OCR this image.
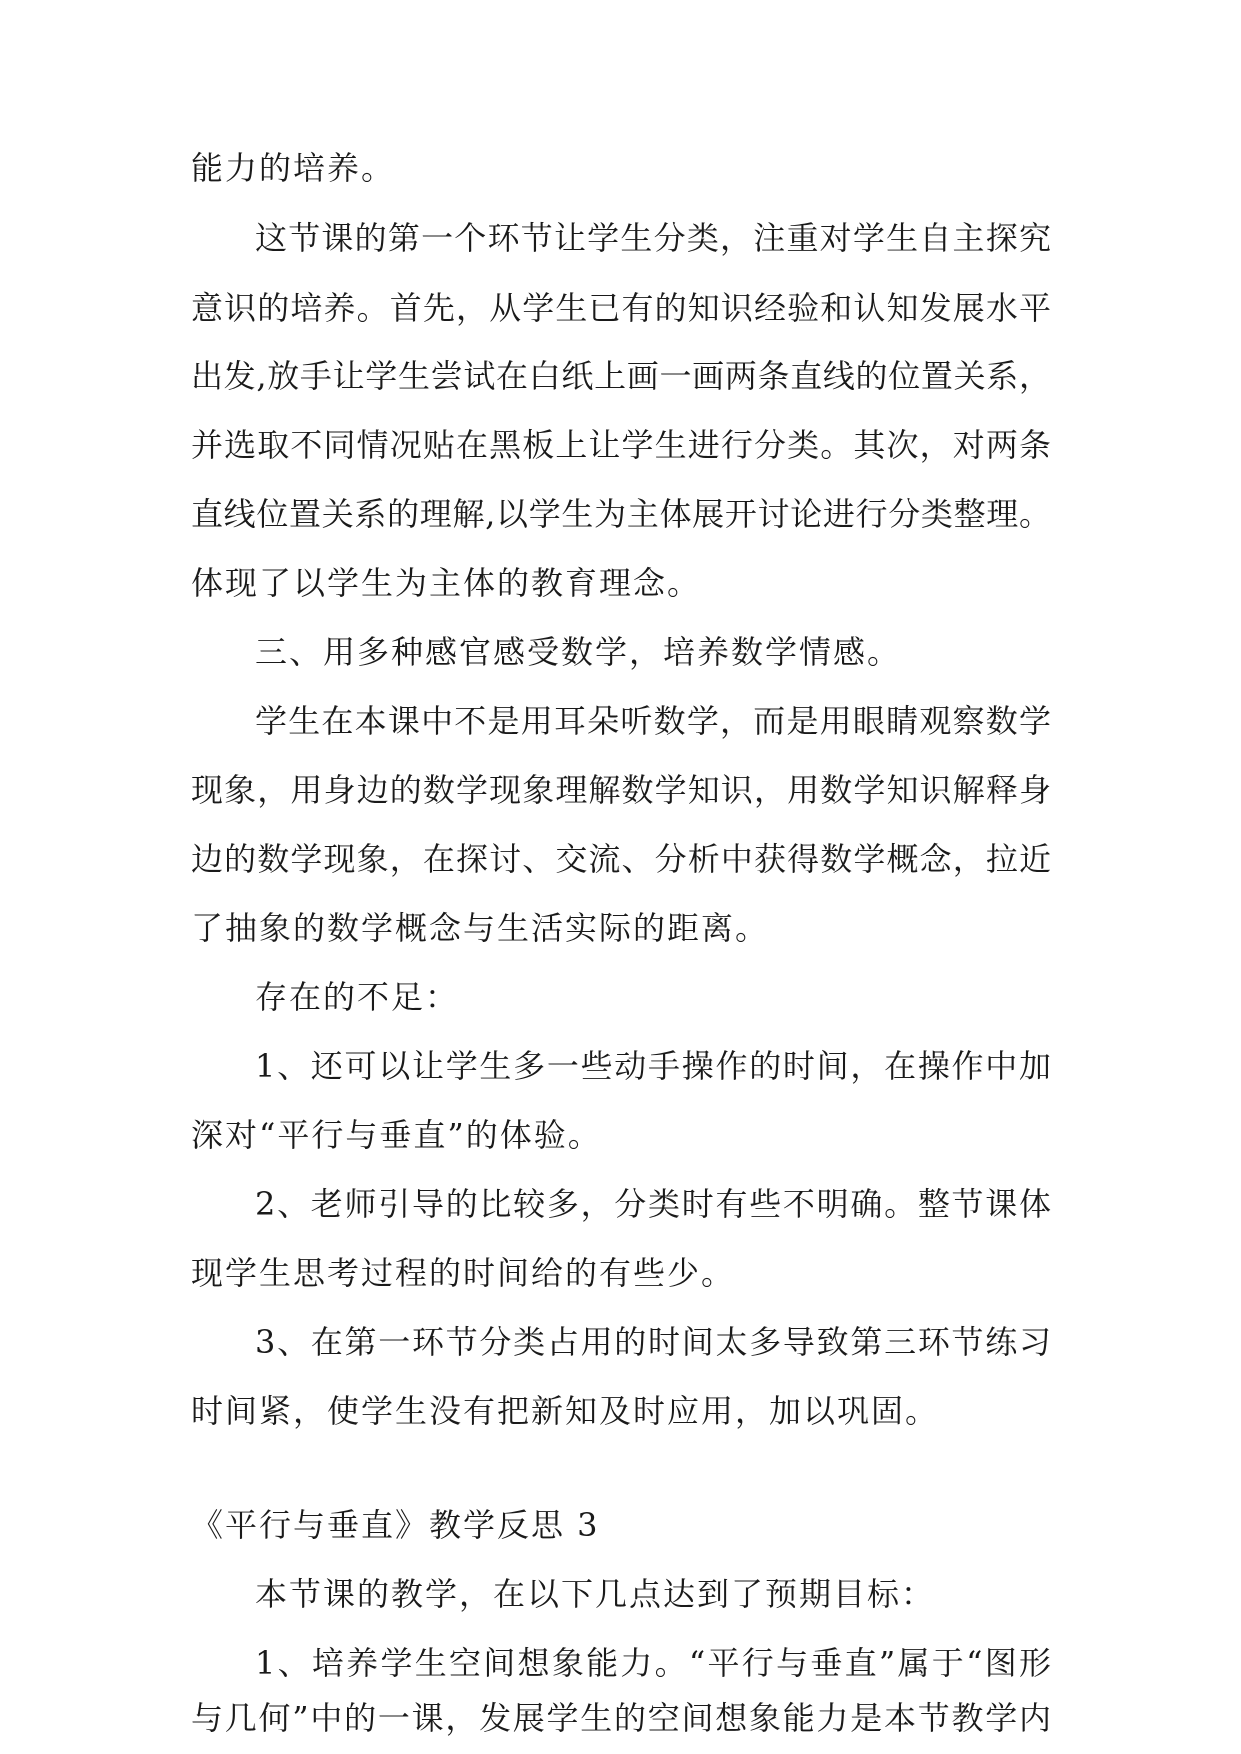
能力的培养。
这节课的第一个环节让学生分类，注重对学生自主探究
意识的培养。首先，从学生已有的知识经验和认知发展水平
出发,放手让学生尝试在白纸上画一画两条直线的位置关系，
并选取不同情况贴在黑板上让学生进行分类。其次，对两条
直线位置关系的理解,以学生为主体展开讨论进行分类整理。
体现了以学生为主体的教育理念。
三、用多种感官感受数学，培养数学情感。
学生在本课中不是用耳朵听数学，而是用眼睛观察数学
现象，用身边的数学现象理解数学知识，用数学知识解释身
边的数学现象，在探讨、交流、分析中获得数学概念，拉近
了抽象的数学概念与生活实际的距离。
存在的不足：
1、还可以让学生多一些动手操作的时间，在操作中加
深对“平行与垂直”的体验。
2、老师引导的比较多，分类时有些不明确。整节课体
现学生思考过程的时间给的有些少。
3、在第一环节分类占用的时间太多导致第三环节练习
时间紧，使学生没有把新知及时应用，加以巩固。
《平行与垂直》教学反思 3
本节课的教学，在以下几点达到了预期目标：
1、培养学生空间想象能力。“平行与垂直”属于“图形
与几何”中的一课，发展学生的空间想象能力是本节教学内
